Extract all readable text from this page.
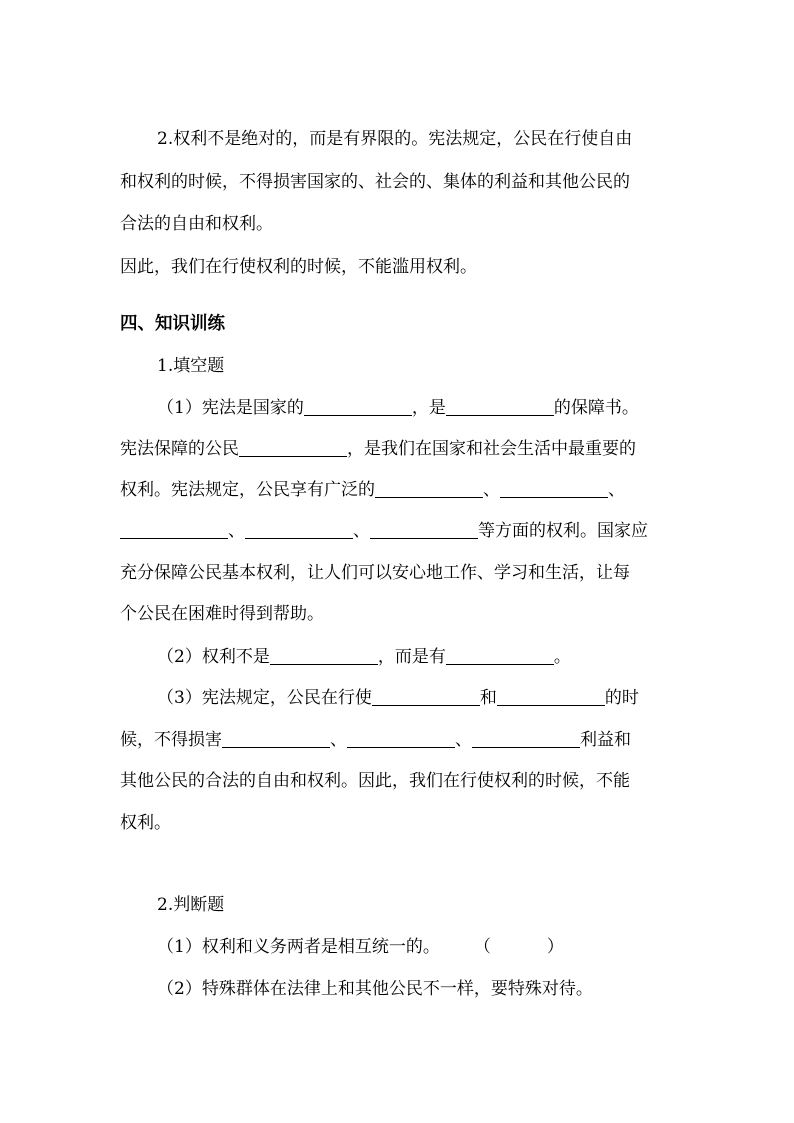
2.权利不是绝对的，而是有界限的。宪法规定，公民在行使自由
和权利的时候，不得损害国家的、社会的、集体的利益和其他公民的
合法的自由和权利。
因此，我们在行使权利的时候，不能滥用权利。
四、知识训练
1.填空题
（1）宪法是国家的	，是	的保障书。
宪法保障的公民	，是我们在国家和社会生活中最重要的
权利。宪法规定，公民享有广泛的	、	、
、	、	等方面的权利。国家应
充分保障公民基本权利，让人们可以安心地工作、学习和生活，让每
个公民在困难时得到帮助。
（2）权利不是	，而是有	。
（3）宪法规定，公民在行使	和	的时
候，不得损害	、	、	利益和
其他公民的合法的自由和权利。因此，我们在行使权利的时候，不能
权利。
2.判断题
（1）权利和义务两者是相互统一的。 （	）
（2）特殊群体在法律上和其他公民不一样，要特殊对待。
